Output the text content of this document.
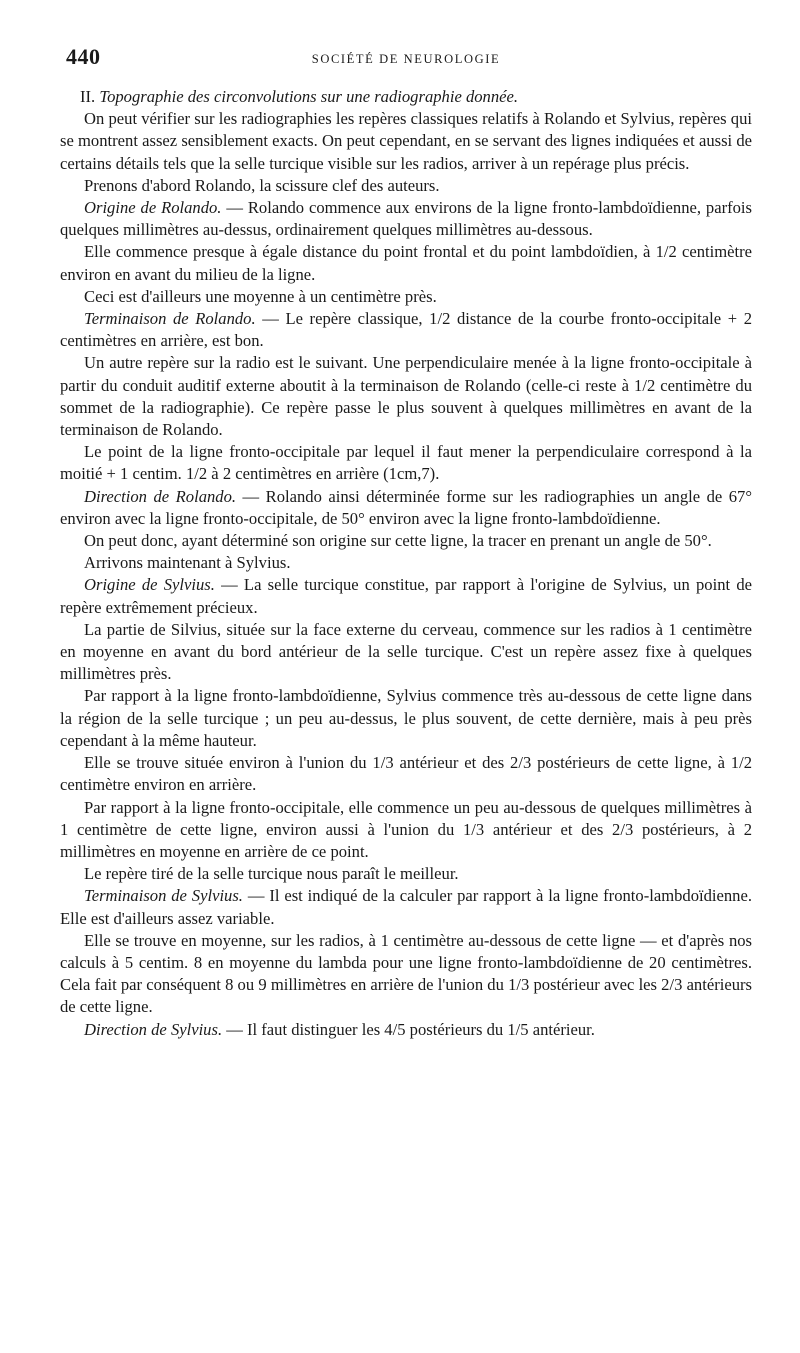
440	SOCIÉTÉ DE NEUROLOGIE

II. Topographie des circonvolutions sur une radiographie donnée.

On peut vérifier sur les radiographies les repères classiques relatifs à Rolando et Sylvius, repères qui se montrent assez sensiblement exacts. On peut cependant, en se servant des lignes indiquées et aussi de certains détails tels que la selle turcique visible sur les radios, arriver à un repérage plus précis.

Prenons d'abord Rolando, la scissure clef des auteurs.

Origine de Rolando. — Rolando commence aux environs de la ligne fronto-lambdoïdienne, parfois quelques millimètres au-dessus, ordinairement quelques millimètres au-dessous.

Elle commence presque à égale distance du point frontal et du point lambdoïdien, à 1/2 centimètre environ en avant du milieu de la ligne.

Ceci est d'ailleurs une moyenne à un centimètre près.

Terminaison de Rolando. — Le repère classique, 1/2 distance de la courbe fronto-occipitale + 2 centimètres en arrière, est bon.

Un autre repère sur la radio est le suivant. Une perpendiculaire menée à la ligne fronto-occipitale à partir du conduit auditif externe aboutit à la terminaison de Rolando (celle-ci reste à 1/2 centimètre du sommet de la radiographie). Ce repère passe le plus souvent à quelques millimètres en avant de la terminaison de Rolando.

Le point de la ligne fronto-occipitale par lequel il faut mener la perpendiculaire correspond à la moitié + 1 centim. 1/2 à 2 centimètres en arrière (1cm,7).

Direction de Rolando. — Rolando ainsi déterminée forme sur les radiographies un angle de 67° environ avec la ligne fronto-occipitale, de 50° environ avec la ligne fronto-lambdoïdienne.

On peut donc, ayant déterminé son origine sur cette ligne, la tracer en prenant un angle de 50°.

Arrivons maintenant à Sylvius.

Origine de Sylvius. — La selle turcique constitue, par rapport à l'origine de Sylvius, un point de repère extrêmement précieux.

La partie de Silvius, située sur la face externe du cerveau, commence sur les radios à 1 centimètre en moyenne en avant du bord antérieur de la selle turcique. C'est un repère assez fixe à quelques millimètres près.

Par rapport à la ligne fronto-lambdoïdienne, Sylvius commence très au-dessous de cette ligne dans la région de la selle turcique ; un peu au-dessus, le plus souvent, de cette dernière, mais à peu près cependant à la même hauteur.

Elle se trouve située environ à l'union du 1/3 antérieur et des 2/3 postérieurs de cette ligne, à 1/2 centimètre environ en arrière.

Par rapport à la ligne fronto-occipitale, elle commence un peu au-dessous de quelques millimètres à 1 centimètre de cette ligne, environ aussi à l'union du 1/3 antérieur et des 2/3 postérieurs, à 2 millimètres en moyenne en arrière de ce point.

Le repère tiré de la selle turcique nous paraît le meilleur.

Terminaison de Sylvius. — Il est indiqué de la calculer par rapport à la ligne fronto-lambdoïdienne. Elle est d'ailleurs assez variable.

Elle se trouve en moyenne, sur les radios, à 1 centimètre au-dessous de cette ligne — et d'après nos calculs à 5 centim. 8 en moyenne du lambda pour une ligne fronto-lambdoïdienne de 20 centimètres. Cela fait par conséquent 8 ou 9 millimètres en arrière de l'union du 1/3 postérieur avec les 2/3 antérieurs de cette ligne.

Direction de Sylvius. — Il faut distinguer les 4/5 postérieurs du 1/5 antérieur.
